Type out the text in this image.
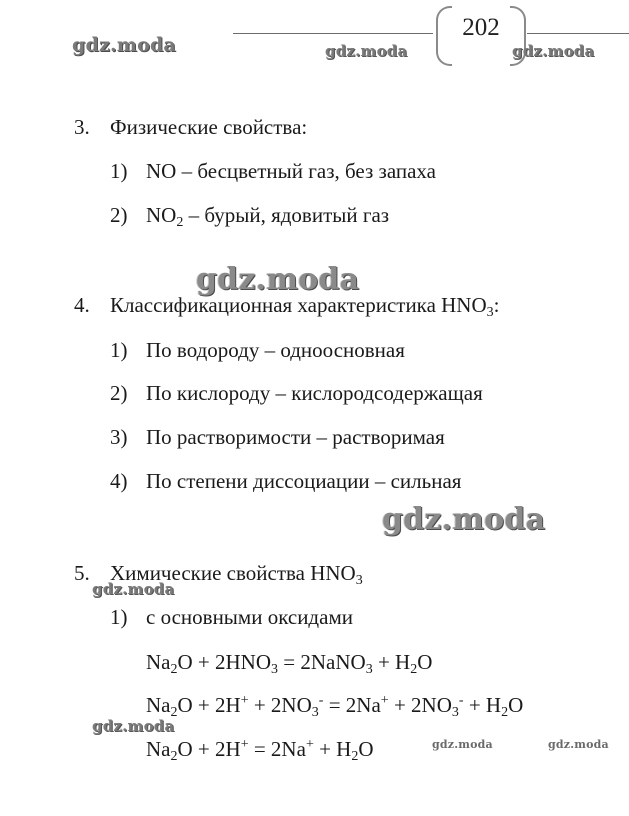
202
gdz.moda	gdz.moda	gdz.moda
gdz.moda
gdz.moda
gdz.moda
gdz.moda
gdz.moda	gdz.moda
3. Физические свойства:
1) NO – бесцветный газ, без запаха
2) $NO_2$ – бурый, ядовитый газ
4. Классификационная характеристика $HNO_3$:
1) По водороду – одноосновная
2) По кислороду – кислородсодержащая
3) По растворимости – растворимая
4) По степени диссоциации – сильная
5. Химические свойства $HNO_3$
1) с основными оксидами
$Na_2O + 2HNO_3$ = 2NaNO$_3$ + $H_2O$
$Na_2O + 2H^+ + 2NO_3^- = 2Na^+ + 2NO_3^- + H_2O$
$Na_2O + 2H^+ = 2Na^+ + H_2O$
